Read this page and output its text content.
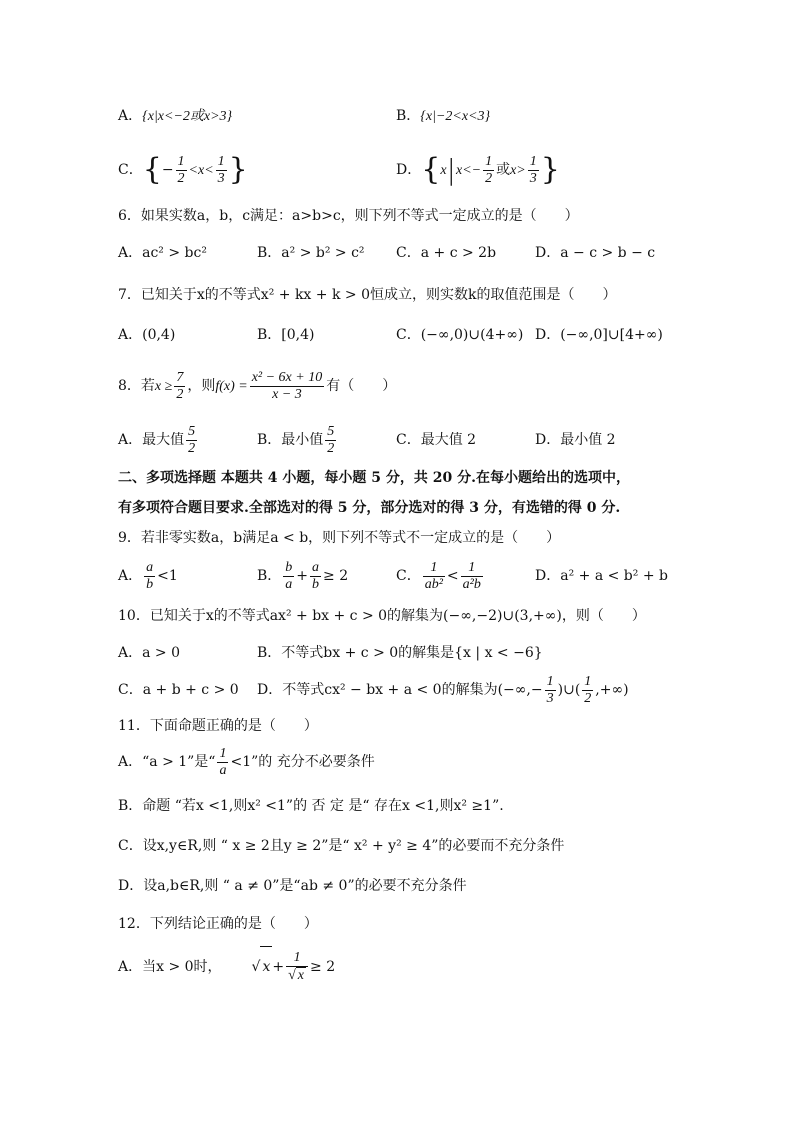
A．{x|x<−2或x>3}	B．{x|−2<x<3}
C．{− $\frac{1}{2} <x< \frac{1}{3}$ }	D．{$x|x<- \frac{1}{2}$ 或$x> \frac{1}{3}$ }
6．如果实数a，b，c满足：a>b>c，则下列不等式一定成立的是（　　）
A．ac² > bc²	B．a² > b² > c² C．a + c > 2b	D．a − c > b − c
7．已知关于x的不等式x² + kx + k > 0恒成立，则实数k的取值范围是（　　）
A．(0,4)	B．[0,4)	C．(−∞,0)∪(4+∞) D．(−∞,0]∪[4+∞)
8．若$x \ge \frac{7}{2}$ ，则$f(x) = \frac{\text{x² − 6x + 10}}{x - 3}$ 有（　　）
A．最大值 $\frac{5}{2}$	B．最小值 $\frac{5}{2}$	C．最大值 2	D．最小值 2
二、多项选择题 本题共 4 小题，每小题 5 分，共 20 分.在每小题给出的选项中，
有多项符合题目要求.全部选对的得 5 分，部分选对的得 3 分，有选错的得 0 分.
9．若非零实数a，b满足a < b，则下列不等式不一定成立的是（　　）
A． $\frac{a}{b} <1$	B． $\frac{b}{a} + \frac{a}{b} \ge 2$	C． $\frac{1}{\text{ab²}} < \frac{1}{\text{a²b}}$	D．a² + a < b² + b
10．已知关于x的不等式ax² + bx + c > 0的解集为(−∞,−2)∪(3,+∞)，则（　　）
A．a > 0	B．不等式bx + c > 0的解集是{x | x < −6}
C．a + b + c > 0 D．不等式cx² − bx + a < 0的解集为(−∞,− $\frac{1}{3}$ )∪( $\frac{1}{2}$ ,+∞)
11．下面命题正确的是（　　）
A．“a > 1”是“ $\frac{1}{a} <1$”的 充分不必要条件
B．命题 “若x <1,则x² <1”的 否 定 是“ 存在x <1,则x² ≥1”.
C．设x,y∈R,则 “ x ≥ 2且y ≥ 2”是“ x² + y² ≥ 4”的必要而不充分条件
D．设a,b∈R,则 “ a ≠ 0”是“ab ≠ 0”的必要不充分条件
12．下列结论正确的是（　　）
A．当x > 0时， √ $x + \frac{1}{√ x} \ge 2$
